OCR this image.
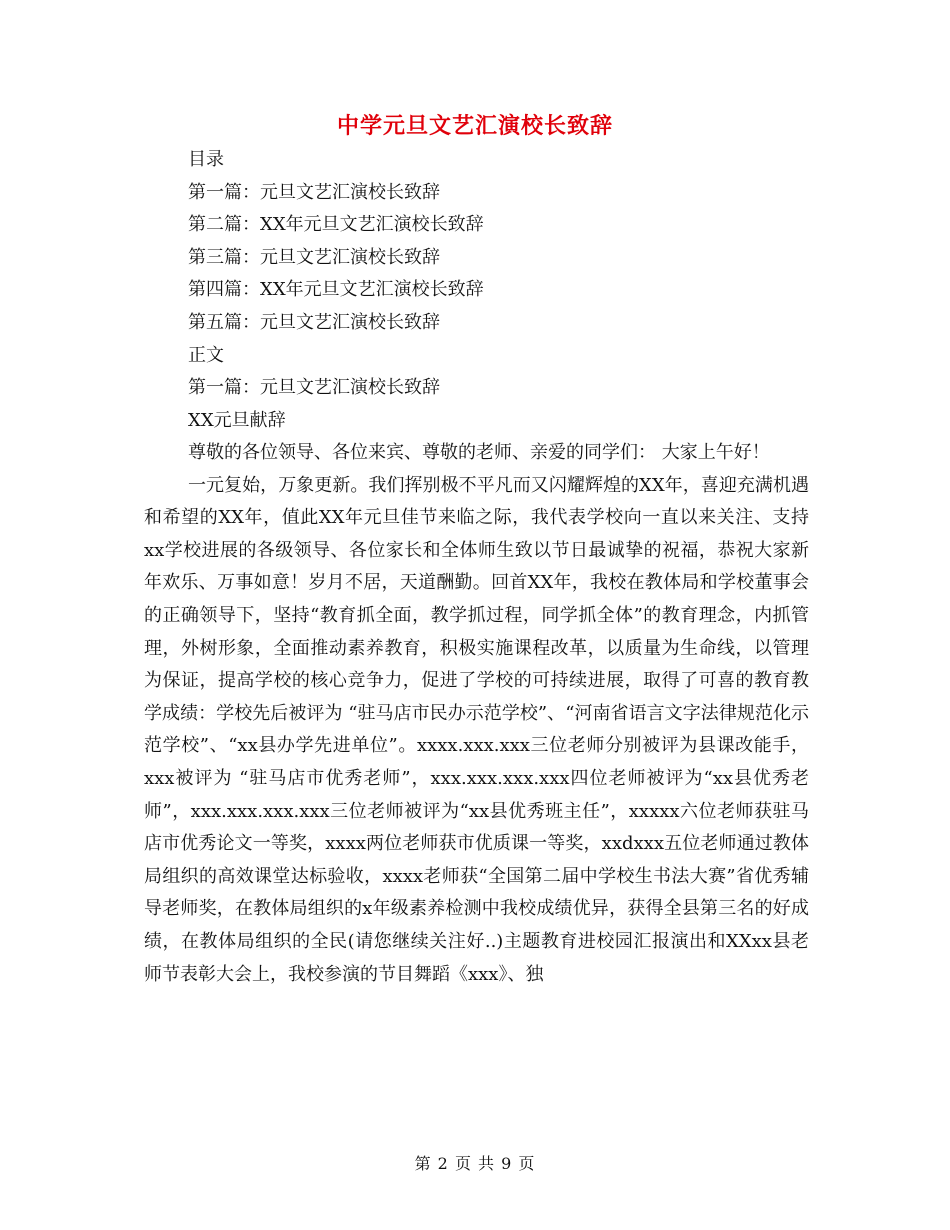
中学元旦文艺汇演校长致辞
目录
第一篇：元旦文艺汇演校长致辞
第二篇：XX年元旦文艺汇演校长致辞
第三篇：元旦文艺汇演校长致辞
第四篇：XX年元旦文艺汇演校长致辞
第五篇：元旦文艺汇演校长致辞
正文
第一篇：元旦文艺汇演校长致辞
XX元旦献辞

尊敬的各位领导、各位来宾、尊敬的老师、亲爱的同学们： 大家上午好！

一元复始，万象更新。我们挥别极不平凡而又闪耀辉煌的XX年，喜迎充满机遇和希望的XX年，值此XX年元旦佳节来临之际，我代表学校向一直以来关注、支持xx学校进展的各级领导、各位家长和全体师生致以节日最诚挚的祝福，恭祝大家新年欢乐、万事如意！岁月不居，天道酬勤。回首XX年，我校在教体局和学校董事会的正确领导下，坚持“教育抓全面，教学抓过程，同学抓全体”的教育理念，内抓管理，外树形象，全面推动素养教育，积极实施课程改革，以质量为生命线，以管理为保证，提高学校的核心竞争力，促进了学校的可持续进展，取得了可喜的教育教学成绩：学校先后被评为 “驻马店市民办示范学校”、“河南省语言文字法律规范化示范学校”、“xx县办学先进单位”。xxxx.xxx.xxx三位老师分别被评为县课改能手，xxx被评为 “驻马店市优秀老师”，xxx.xxx.xxx.xxx四位老师被评为“xx县优秀老师”，xxx.xxx.xxx.xxx三位老师被评为“xx县优秀班主任”，xxxxx六位老师获驻马店市优秀论文一等奖，xxxx两位老师获市优质课一等奖，xxdxxx五位老师通过教体局组织的高效课堂达标验收，xxxx老师获“全国第二届中学校生书法大赛”省优秀辅导老师奖，在教体局组织的x年级素养检测中我校成绩优异，获得全县第三名的好成绩，在教体局组织的全民(请您继续关注好..)主题教育进校园汇报演出和XXxx县老师节表彰大会上，我校参演的节目舞蹈《xxx》、独

第 2 页 共 9 页
